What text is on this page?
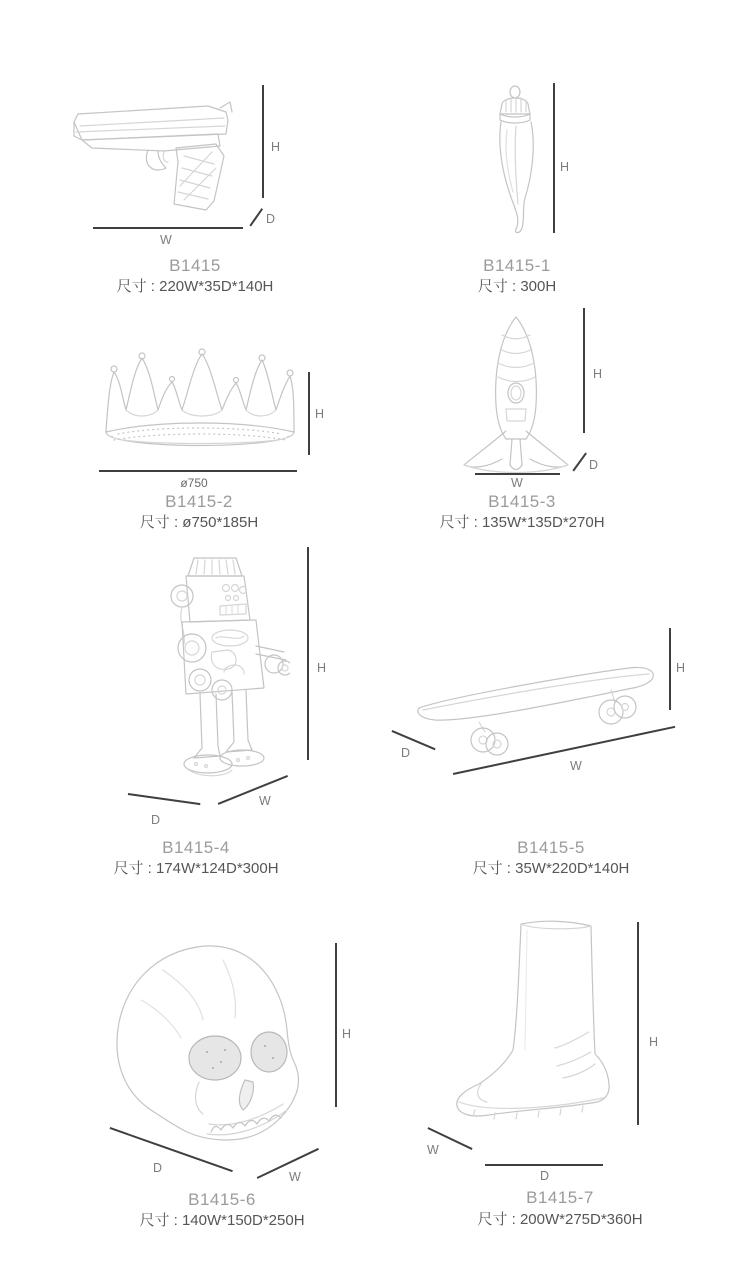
H
D
W
B1415
尺寸 : 220W*35D*140H
H
B1415-1
尺寸 : 300H
H
ø750
B1415-2
尺寸 : ø750*185H
H
D
W
B1415-3
尺寸 : 135W*135D*270H
H
W
D
B1415-4
尺寸 : 174W*124D*300H
H
D
W
B1415-5
尺寸 : 35W*220D*140H
H
D
W
B1415-6
尺寸 : 140W*150D*250H
H
W
D
B1415-7
尺寸 : 200W*275D*360H
